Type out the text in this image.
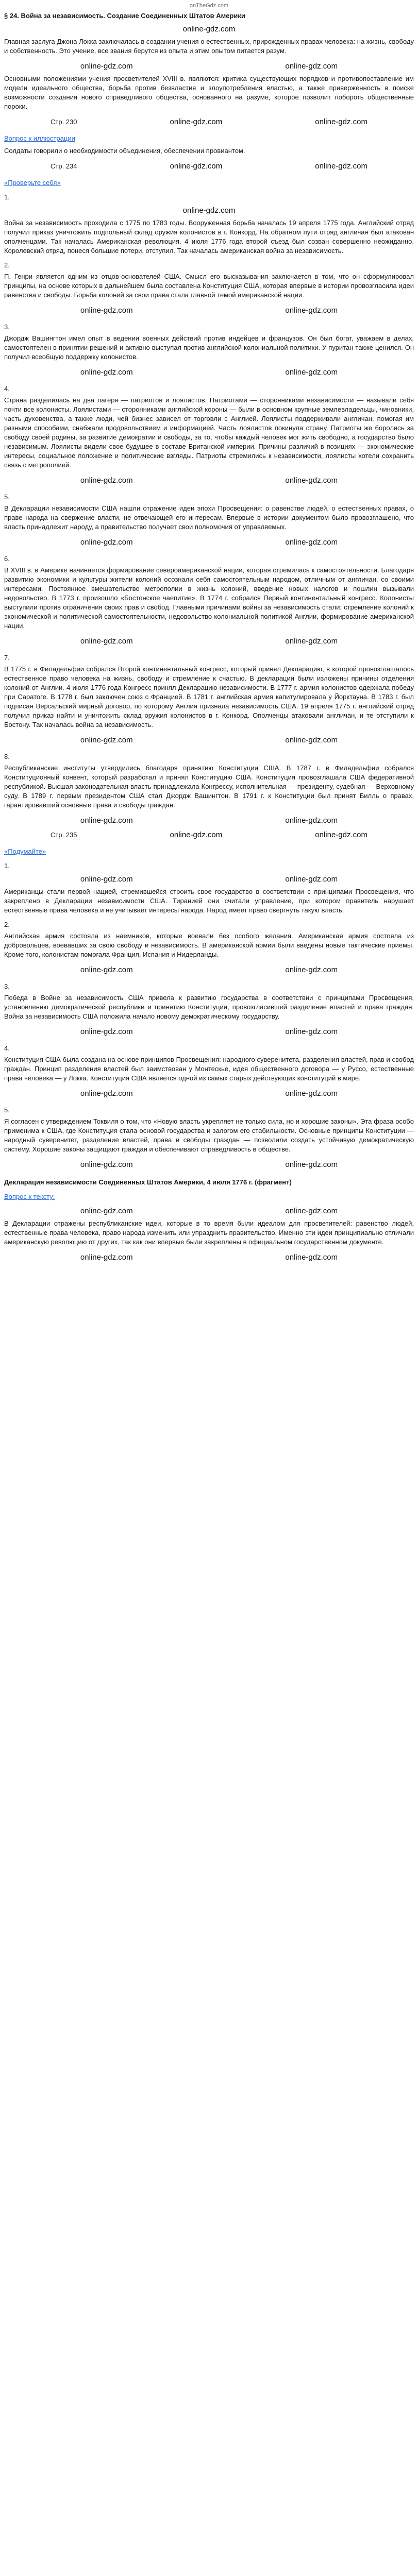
onTheGdz.com
§ 24. Война за независимость. Создание Соединенных Штатов Америки
online-gdz.com

Главная заслуга Джона Локка заключалась в создании учения о естественных, прирожденных правах человека: на жизнь, свободу и собственность. Это учение, все звания берутся из опыта и этим опытом питается разум.

online-gdz.com	online-gdz.com

Основными положениями учения просветителей XVIII в. являются: критика существующих порядков и противопоставление им модели идеального общества, борьба против безвластия и злоупотребления властью, а также приверженность в поиске возможности создания нового справедливого общества, основанного на разуме, которое позволит побороть общественные пороки.

Стр. 230	online-gdz.com	online-gdz.com
Вопрос к иллюстрации

Солдаты говорили о необходимости объединения, обеспечении провиантом.

Стр. 234	online-gdz.com	online-gdz.com
«Проверьте себя»
1.
online-gdz.com

Война за независимость проходила с 1775 по 1783 годы. Вооруженная борьба началась 19 апреля 1775 года. Английский отряд получил приказ уничтожить подпольный склад оружия колонистов в г. Конкорд. На обратном пути отряд англичан был атакован ополченцами. Так началась Американская революция. 4 июля 1776 года второй съезд был созван совершенно неожиданно. Королевский отряд, понеся большие потери, отступил. Так началась американская война за независимость.

2.

П. Генри является одним из отцов-основателей США. Смысл его высказывания заключается в том, что он сформулировал принципы, на основе которых в дальнейшем была составлена Конституция США, которая впервые в истории провозгласила идеи равенства и свободы. Борьба колоний за свои права стала главной темой американской нации.

online-gdz.com	online-gdz.com
3.

Джордж Вашингтон имел опыт в ведении военных действий против индейцев и французов. Он был богат, уважаем в делах, самостоятелен в принятии решений и активно выступал против английской колониальной политики. У пуритан также ценился. Он получил всеобщую поддержку колонистов.

online-gdz.com	online-gdz.com
4.

Страна разделилась на два лагеря — патриотов и лоялистов. Патриотами — сторонниками независимости — называли себя почти все колонисты. Лоялистами — сторонниками английской короны — были в основном крупные землевладельцы, чиновники, часть духовенства, а также люди, чей бизнес зависел от торговли с Англией. Лоялисты поддерживали англичан, помогая им разными способами, снабжали продовольствием и информацией. Часть лоялистов покинула страну. Патриоты же боролись за свободу своей родины, за развитие демократии и свободы, за то, чтобы каждый человек мог жить свободно, а государство было независимым. Лоялисты видели свое будущее в составе Британской империи. Причины различий в позициях — экономические интересы, социальное положение и политические взгляды. Патриоты стремились к независимости, лоялисты хотели сохранить связь с метрополией.

online-gdz.com	online-gdz.com
5.

В Декларации независимости США нашли отражение идеи эпохи Просвещения: о равенстве людей, о естественных правах, о праве народа на свержение власти, не отвечающей его интересам. Впервые в истории документом было провозглашено, что власть принадлежит народу, а правительство получает свои полномочия от управляемых.

online-gdz.com	online-gdz.com
6.

В XVIII в. в Америке начинается формирование североамериканской нации, которая стремилась к самостоятельности. Благодаря развитию экономики и культуры жители колоний осознали себя самостоятельным народом, отличным от англичан, со своими интересами. Постоянное вмешательство метрополии в жизнь колоний, введение новых налогов и пошлин вызывали недовольство. В 1773 г. произошло «Бостонское чаепитие». В 1774 г. собрался Первый континентальный конгресс. Колонисты выступили против ограничения своих прав и свобод. Главными причинами войны за независимость стали: стремление колоний к экономической и политической самостоятельности, недовольство колониальной политикой Англии, формирование американской нации.

online-gdz.com	online-gdz.com
7.

В 1775 г. в Филадельфии собрался Второй континентальный конгресс, который принял Декларацию, в которой провозглашалось естественное право человека на жизнь, свободу и стремление к счастью. В декларации были изложены причины отделения колоний от Англии. 4 июля 1776 года Конгресс принял Декларацию независимости. В 1777 г. армия колонистов одержала победу при Саратоге. В 1778 г. был заключен союз с Францией. В 1781 г. английская армия капитулировала у Йорктауна. В 1783 г. был подписан Версальский мирный договор, по которому Англия признала независимость США. 19 апреля 1775 г. английский отряд получил приказ найти и уничтожить склад оружия колонистов в г. Конкорд. Ополченцы атаковали англичан, и те отступили к Бостону. Так началась война за независимость.

online-gdz.com	online-gdz.com
8.

Республиканские институты утвердились благодаря принятию Конституции США. В 1787 г. в Филадельфии собрался Конституционный конвент, который разработал и принял Конституцию США. Конституция провозглашала США федеративной республикой. Высшая законодательная власть принадлежала Конгрессу, исполнительная — президенту, судебная — Верховному суду. В 1789 г. первым президентом США стал Джордж Вашингтон. В 1791 г. к Конституции был принят Билль о правах, гарантировавший основные права и свободы граждан.

online-gdz.com	online-gdz.com
Стр. 235	online-gdz.com	online-gdz.com
«Подумайте»
1.
online-gdz.com	online-gdz.com

Американцы стали первой нацией, стремившейся строить свое государство в соответствии с принципами Просвещения, что закреплено в Декларации независимости США. Тиранией они считали управление, при котором правитель нарушает естественные права человека и не учитывает интересы народа. Народ имеет право свергнуть такую власть.

2.

Английская армия состояла из наемников, которые воевали без особого желания. Американская армия состояла из добровольцев, воевавших за свою свободу и независимость. В американской армии были введены новые тактические приемы. Кроме того, колонистам помогала Франция, Испания и Нидерланды.

online-gdz.com	online-gdz.com
3.

Победа в Войне за независимость США привела к развитию государства в соответствии с принципами Просвещения, установлению демократической республики и принятию Конституции, провозгласившей разделение властей и права граждан. Война за независимость США положила начало новому демократическому государству.

online-gdz.com	online-gdz.com
4.

Конституция США была создана на основе принципов Просвещения: народного суверенитета, разделения властей, прав и свобод граждан. Принцип разделения властей был заимствован у Монтескье, идея общественного договора — у Руссо, естественные права человека — у Локка. Конституция США является одной из самых старых действующих конституций в мире.

online-gdz.com	online-gdz.com
5.

Я согласен с утверждением Токвиля о том, что «Новую власть укрепляет не только сила, но и хорошие законы». Эта фраза особо применима к США, где Конституция стала основой государства и залогом его стабильности. Основные принципы Конституции — народный суверенитет, разделение властей, права и свободы граждан — позволили создать устойчивую демократическую систему. Хорошие законы защищают граждан и обеспечивают справедливость в обществе.

online-gdz.com	online-gdz.com
Декларация независимости Соединенных Штатов Америки, 4 июля 1776 г. (фрагмент)
Вопрос к тексту:
online-gdz.com	online-gdz.com

В Декларации отражены республиканские идеи, которые в то время были идеалом для просветителей: равенство людей, естественные права человека, право народа изменить или упразднить правительство. Именно эти идеи принципиально отличали американскую революцию от других, так как они впервые были закреплены в официальном государственном документе.

online-gdz.com	online-gdz.com
